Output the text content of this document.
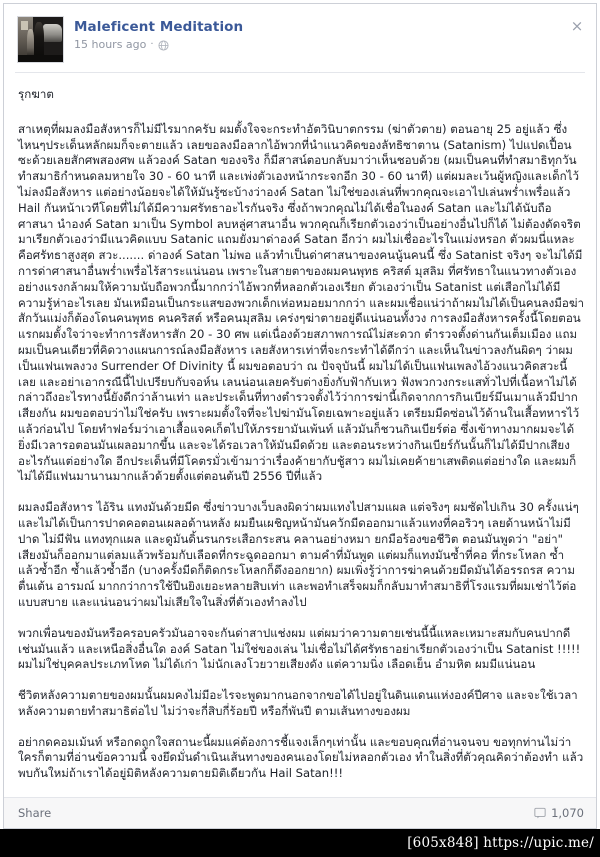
Maleficent Meditation
15 hours ago ·
×

รุกฆาต

สาเหตุที่ผมลงมือสังหารก็ไม่มีไรมากครับ ผมตั้งใจจะกระทำอัตวินิบาตกรรม (ฆ่าตัวตาย) ตอนอายุ 25 อยู่แล้ว ซึ่งไหนๆประเด็นหลักผมก็จะตายแล้ว เลยขอลงมือลากไอ้พวกที่นำแนวคิดของลัทธิซาตาน (Satanism) ไปแปดเปื้อนซะด้วยเลยสักศพสองศพ แล้วองค์ Satan ของจริง ก็มีสาสน์ตอบกลับมาว่าเห็นชอบด้วย (ผมเป็นคนที่ทำสมาธิทุกวัน ทำสมาธิกำหนดลมหายใจ 30 - 60 นาที และเพ่งตัวเองหน้ากระจกอีก 30 - 60 นาที) แต่ผมละเว้นผู้หญิงและเด็กไว้ไม่ลงมือสังหาร แต่อย่างน้อยจะได้ให้มันรู้ซะบ้างว่าองค์ Satan ไม่ใช่ของเล่นที่พวกคุณจะเอาไปเล่นพร่ำเพรื่อแล้ว Hail กันหน้าเวทีโดยที่ไม่ได้มีความศรัทธาอะไรกันจริง ซึ่งถ้าพวกคุณไม่ได้เชื่อในองค์ Satan และไม่ได้นับถือศาสนา นำองค์ Satan มาเป็น Symbol ลบหลู่ศาสนาอื่น พวกคุณก็เรียกตัวเองว่าเป็นอย่างอื่นไปก็ได้ ไม่ต้องดัดจริตมาเรียกตัวเองว่ามีแนวคิดแบบ Satanic แถมยังมาด่าองค์ Satan อีกว่า ผมไม่เชื่ออะไรในแม่งหรอก ตัวผมนี่แหละคือศรัทธาสูงสุด สวะ....... ด่าองค์ Satan ไม่พอ แล้วทำเป็นด่าศาสนาของคนนู้นคนนี้ ซึ่ง Satanist จริงๆ จะไม่ได้มีการด่าศาสนาอื่นพร่ำเพรื่อไร้สาระแน่นอน เพราะในสายตาของผมคนพุทธ คริสต์ มุสลิม ที่ศรัทธาในแนวทางตัวเองอย่างแรงกล้าผมให้ความนับถือพวกนี้มากกว่าไอ้พวกที่หลอกตัวเองเรียก ตัวเองว่าเป็น Satanist แต่เสือกไม่ได้มีความรู้ห่าอะไรเลย มันเหมือนเป็นกระแสของพวกเด็กเห่อหมอยมากกว่า และผมเชื่อแน่ว่าถ้าผมไม่ได้เป็นคนลงมือฆ่า สักวันแม่งก็ต้องโดนคนพุทธ คนคริสต์ หรือคนมุสลิม เคร่งๆฆ่าตายอยู่ดีแน่นอนทั้งวง การลงมือสังหารครั้งนี้โดยตอนแรกผมตั้งใจว่าจะทำการสังหารสัก 20 - 30 ศพ แต่เนื่องด้วยสภาพการณ์ไม่สะดวก ตำรวจตั้งด่านกันเต็มเมือง แถมผมเป็นคนเดียวที่คิดวางแผนการณ์ลงมือสังหาร เลยสังหารเท่าที่จะกระทำได้ดีกว่า และเห็นในข่าวลงกันผิดๆ ว่าผมเป็นแฟนเพลงวง Surrender Of Divinity นี้ ผมขอตอบว่า ณ ปัจจุบันนี้ ผมไม่ได้เป็นแฟนเพลงไอ้วงแนวคิดสวะนี้เลย และอย่าเอากรณีนี้ไปเปรียบกับจอห์น เลนน่อนเลยครับต่างยิ่งกับฟ้ากับเหว ฟังพวกวงกระแสทั่วไปที่เนื้อหาไม่ได้กล่าวถึงอะไรทางนี้ยังดีกว่าล้านเท่า และประเด็นที่ทางตำรวจตั้งไว้ว่าการฆ่านี้เกิดจากการกินเบียร์มึนเมาแล้วมีปากเสียงกัน ผมขอตอบว่าไม่ใช่ครับ เพราะผมตั้งใจที่จะไปฆ่ามันโดยเฉพาะอยู่แล้ว เตรียมมีดซ่อนไว้ด้านในเสื้อทหารไว้แล้วก่อนไป โดยทำฟอร์มว่าเอาเสื้อแจคเก็ตไปให้ภรรยามันเพ้นท์ แล้วมันก็ชวนกินเบียร์ต่อ ซึ่งเข้าทางมากผมจะได้ยิ่งมีเวลารอตอนมันเผลอมากขึ้น และจะได้รอเวลาให้มันมืดด้วย และตอนระหว่างกินเบียร์กันนั้นก็ไม่ได้มีปากเสียงอะไรกันแต่อย่างใด อีกประเด็นที่มีโคตรมั่วเข้ามาว่าเรื่องค้ายากับชู้สาว ผมไม่เคยค้ายาเสพติดแต่อย่างใด และผมก็ไม่ได้มีแฟนมานานมากแล้วด้วยตั้งแต่ตอนต้นปี 2556 ปีที่แล้ว

ผมลงมือสังหาร ไอ้ริน แทงมันด้วยมีด ซึ่งข่าวบางเว็บลงผิดว่าผมแทงไปสามแผล แต่จริงๆ ผมซัดไปเกิน 30 ครั้งแน่ๆ และไม่ได้เป็นการปาดคอตอนเผลอด้านหลัง ผมยืนเผชิญหน้ามันควักมีดออกมาแล้วแทงที่คอริวๆ เลยด้านหน้าไม่มีปาด ไม่มีฟัน แทงทุกแผล และดูมันดิ้นรนกระเสือกระสน คลานอย่างหมา ยกมือร้องขอชีวิต ตอนมันพูดว่า "อย่า" เสียงมันก็ออกมาแต่ลมแล้วพร้อมกับเลือดที่กระฉูดออกมา ตามคำที่มันพูด แต่ผมก็แทงมันซ้ำที่คอ ที่กระโหลก ซ้ำแล้วซ้ำอีก ซ้ำแล้วซ้ำอีก (บางครั้งมีดก็ติดกระโหลกก็ดึงออกยาก) ผมเพิ่งรู้ว่าการฆ่าคนด้วยมีดมันได้อรรถรส ความตื่นเต้น อารมณ์ มากกว่าการใช้ปืนยิงเยอะหลายสิบเท่า และพอทำเสร็จผมก็กลับมาทำสมาธิที่โรงแรมที่ผมเช่าไว้ต่อแบบสบาย และแน่นอนว่าผมไม่เสียใจในสิ่งที่ตัวเองทำลงไป

พวกเพื่อนของมันหรือครอบครัวมันอาจจะกันด่าสาปแช่งผม แต่ผมว่าความตายเช่นนี้นี้แหละเหมาะสมกับคนปากดีเช่นมันแล้ว และเหนือสิ่งอื่นใด องค์ Satan ไม่ใช่ของเล่น ไม่เชื่อไม่ได้ศรัทธาอย่าเรียกตัวเองว่าเป็น Satanist !!!!! ผมไม่ใช่บุคคลประเภทโหด ไม่ได้เก่า ไม่นักเลงโวยวายเสียงดัง แต่ความนิ่ง เลือดเย็น อำมหิต ผมมีแน่นอน

ชีวิตหลังความตายของผมนั้นผมคงไม่มีอะไรจะพูดมากนอกจากขอได้ไปอยู่ในดินแดนแห่งองค์ปีศาจ และจะใช้เวลาหลังความตายทำสมาธิต่อไป ไม่ว่าจะกี่สิบกี่ร้อยปี หรือกี่พันปี ตามเส้นทางของผม

อย่ากดคอมเม้นท์ หรือกดถูกใจสถานะนี้ผมแค่ต้องการชี้แจงเล็กๆเท่านั้น และขอบคุณที่อ่านจนจบ ขอทุกท่านไม่ว่าใครก็ตามที่อ่านข้อความนี้ จงยึดมั่นดำเนินเส้นทางของคนเองโดยไม่หลอกตัวเอง ทำในสิ่งที่ตัวคุณคิดว่าต้องทำ แล้วพบกันใหม่ถ้าเราได้อยู่มิติหลังความตายมิติเดียวกัน Hail Satan!!!

Share	1,070
[605x848] https://upic.me/
